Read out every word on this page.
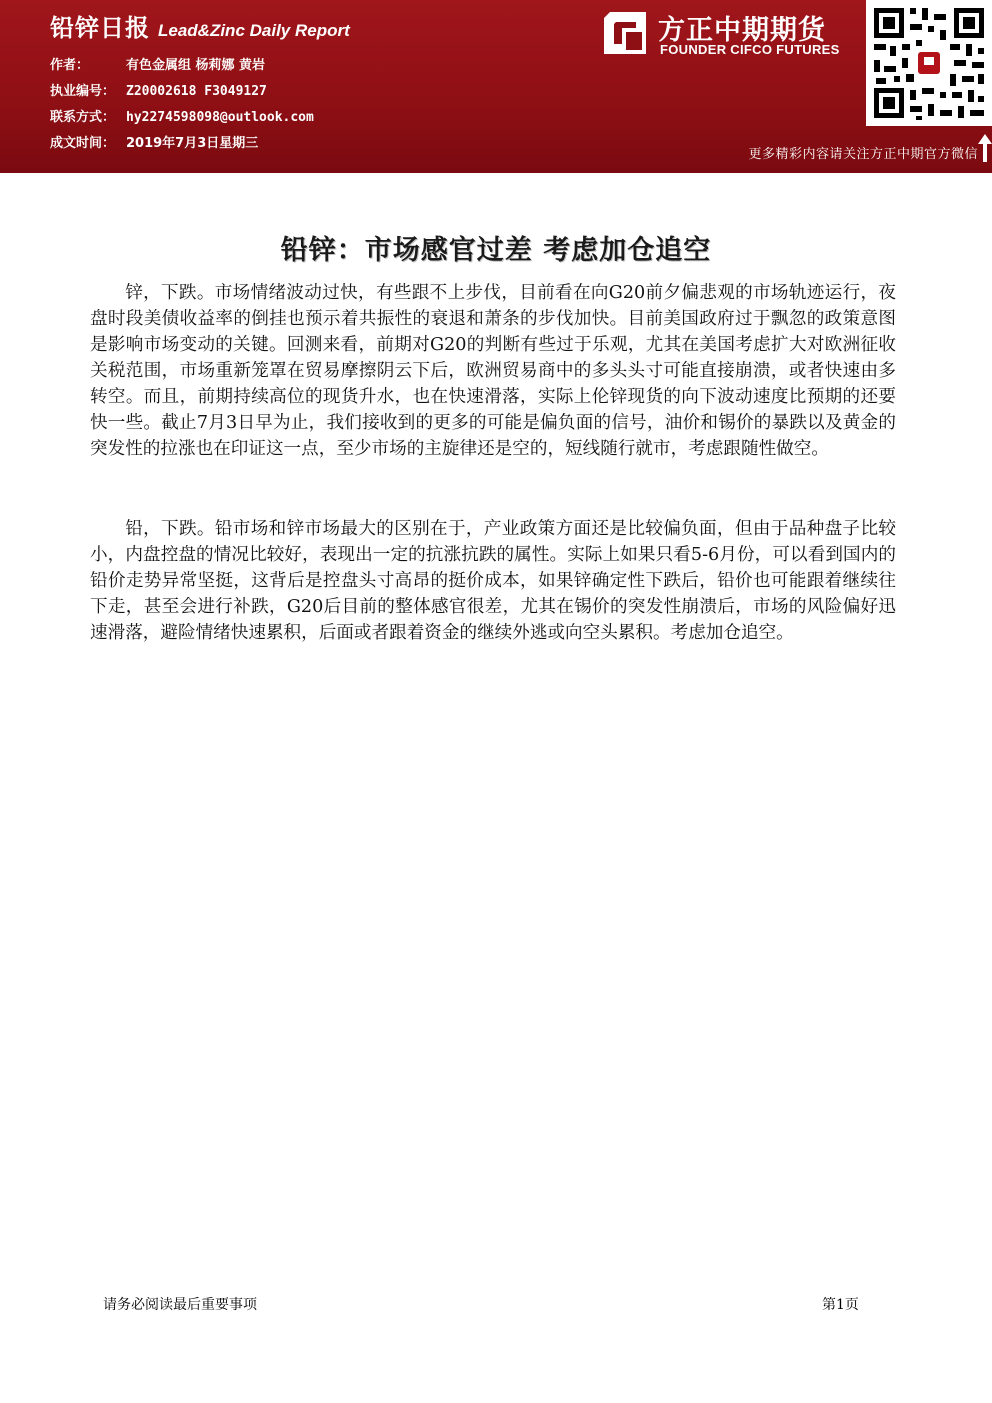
铅锌日报 Lead&Zinc Daily Report
作者：	有色金属组 杨莉娜 黄岩
执业编号： Z20002618 F3049127
联系方式： hy2274598098@outlook.com
成文时间： 2019年7月3日星期三
方正中期期货
FOUNDER CIFCO FUTURES
更多精彩内容请关注方正中期官方微信
铅锌：市场感官过差 考虑加仓追空

锌，下跌。市场情绪波动过快，有些跟不上步伐，目前看在向G20前夕偏悲观的市场轨迹运行，夜盘时段美债收益率的倒挂也预示着共振性的衰退和萧条的步伐加快。目前美国政府过于飘忽的政策意图是影响市场变动的关键。回测来看，前期对G20的判断有些过于乐观，尤其在美国考虑扩大对欧洲征收关税范围，市场重新笼罩在贸易摩擦阴云下后，欧洲贸易商中的多头头寸可能直接崩溃，或者快速由多转空。而且，前期持续高位的现货升水，也在快速滑落，实际上伦锌现货的向下波动速度比预期的还要快一些。截止7月3日早为止，我们接收到的更多的可能是偏负面的信号，油价和锡价的暴跌以及黄金的突发性的拉涨也在印证这一点，至少市场的主旋律还是空的，短线随行就市，考虑跟随性做空。

铅，下跌。铅市场和锌市场最大的区别在于，产业政策方面还是比较偏负面，但由于品种盘子比较小，内盘控盘的情况比较好，表现出一定的抗涨抗跌的属性。实际上如果只看5-6月份，可以看到国内的铅价走势异常坚挺，这背后是控盘头寸高昂的挺价成本，如果锌确定性下跌后，铅价也可能跟着继续往下走，甚至会进行补跌，G20后目前的整体感官很差，尤其在锡价的突发性崩溃后，市场的风险偏好迅速滑落，避险情绪快速累积，后面或者跟着资金的继续外逃或向空头累积。考虑加仓追空。

请务必阅读最后重要事项	第1页
